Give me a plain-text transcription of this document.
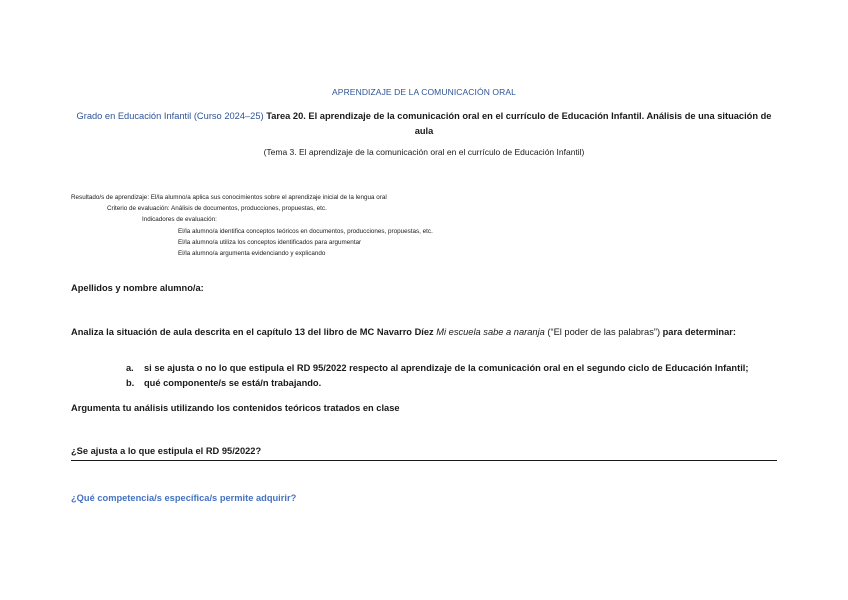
APRENDIZAJE DE LA COMUNICACIÓN ORAL
Grado en Educación Infantil (Curso 2024–25) Tarea 20. El aprendizaje de la comunicación oral en el currículo de Educación Infantil. Análisis de una situación de aula
(Tema 3. El aprendizaje de la comunicación oral en el currículo de Educación Infantil)
Resultado/s de aprendizaje: El/la alumno/a aplica sus conocimientos sobre el aprendizaje inicial de la lengua oral
Criterio de evaluación: Análisis de documentos, producciones, propuestas, etc.
Indicadores de evaluación:
El/la alumno/a identifica conceptos teóricos en documentos, producciones, propuestas, etc.
El/la alumno/a utiliza los conceptos identificados para argumentar
El/la alumno/a argumenta evidenciando y explicando
Apellidos y nombre alumno/a:
Analiza la situación de aula descrita en el capítulo 13 del libro de MC Navarro Díez Mi escuela sabe a naranja (“El poder de las palabras”) para determinar:
a. si se ajusta o no lo que estipula el RD 95/2022 respecto al aprendizaje de la comunicación oral en el segundo ciclo de Educación Infantil;
b. qué componente/s se está/n trabajando.
Argumenta tu análisis utilizando los contenidos teóricos tratados en clase
¿Se ajusta a lo que estipula el RD 95/2022?
¿Qué competencia/s específica/s permite adquirir?
